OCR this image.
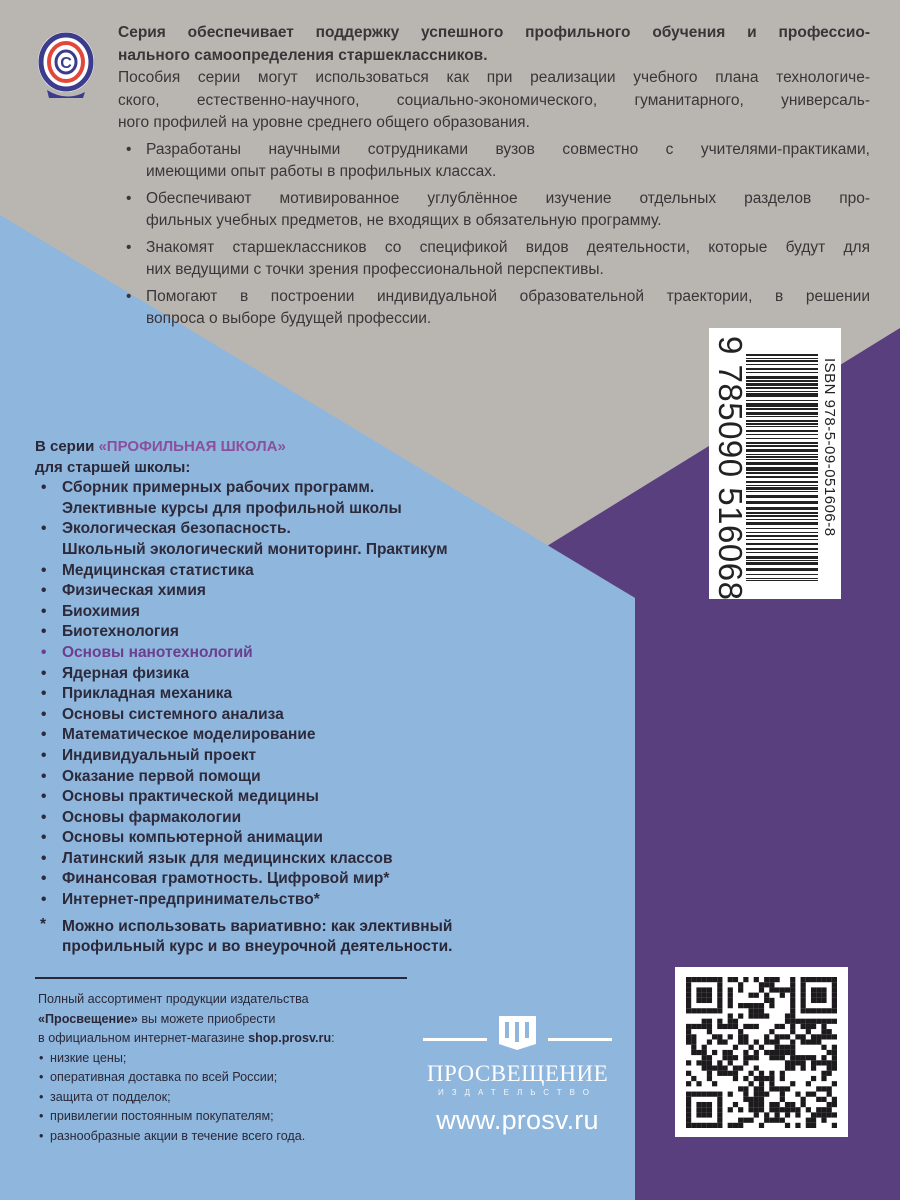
C
Серия обеспечивает поддержку успешного профильного обучения и профессио-
нального самоопределения старшеклассников.
Пособия серии могут использоваться как при реализации учебного плана технологиче-
ского, естественно-научного, социально-экономического, гуманитарного, универсаль-
ного профилей на уровне среднего общего образования.
• Разработаны научными сотрудниками вузов совместно с учителями-практиками,
имеющими опыт работы в профильных классах.
• Обеспечивают мотивированное углублённое изучение отдельных разделов про-
фильных учебных предметов, не входящих в обязательную программу.
• Знакомят старшеклассников со спецификой видов деятельности, которые будут для
них ведущими с точки зрения профессиональной перспективы.
• Помогают в построении индивидуальной образовательной траектории, в решении
вопроса о выборе будущей профессии.
В серии «ПРОФИЛЬНАЯ ШКОЛА»
для старшей школы:
• Сборник примерных рабочих программ.
Элективные курсы для профильной школы
• Экологическая безопасность.
Школьный экологический мониторинг. Практикум
• Медицинская статистика
• Физическая химия
• Биохимия
• Биотехнология
• Основы нанотехнологий
• Ядерная физика
• Прикладная механика
• Основы системного анализа
• Математическое моделирование
• Индивидуальный проект
• Оказание первой помощи
• Основы практической медицины
• Основы фармакологии
• Основы компьютерной анимации
• Латинский язык для медицинских классов
• Финансовая грамотность. Цифровой мир*
• Интернет-предпринимательство*
* Можно использовать вариативно: как элективный
профильный курс и во внеурочной деятельности.
Полный ассортимент продукции издательства
«Просвещение» вы можете приобрести
в официальном интернет-магазине shop.prosv.ru:
• низкие цены;
• оперативная доставка по всей России;
• защита от подделок;
• привилегии постоянным покупателям;
• разнообразные акции в течение всего года.
ПРОСВЕЩЕНИЕ
ИЗДАТЕЛЬСТВО
www.prosv.ru
ISBN 978-5-09-051606-8
9 785090 516068
